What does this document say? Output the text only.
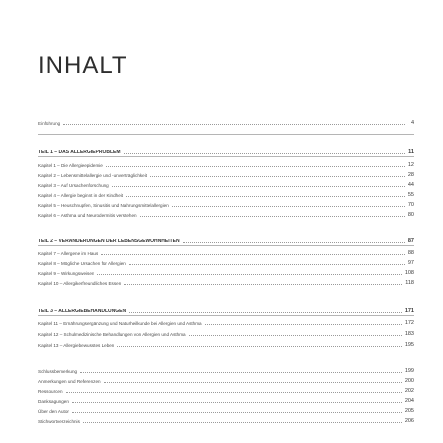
INHALT
Einführung	4
TEIL 1 – DAS ALLERGIEPROBLEM	11
Kapitel 1 – Die Allergieepidemie	12
Kapitel 2 – Lebensmittelallergie und -unverträglichkeit	28
Kapitel 3 – Auf Ursachenforschung	44
Kapitel 4 – Allergie beginnt in der Kindheit	55
Kapitel 5 – Heuschnupfen, Sinusitis und Nahrungsmittelallergien	70
Kapitel 6 – Asthma und Neurodermitis verstehen	80
TEIL 2 – VERÄNDERUNGEN DER LEBENSGEWOHNHEITEN	87
Kapitel 7 – Allergene im Haus	88
Kapitel 8 – Mögliche Ursachen für Allergien	97
Kapitel 9 – Wirkungsweisen	108
Kapitel 10 – Allergikerfreundliches Essen	118
TEIL 3 – ALLERGIEBEHANDLUNGEN	171
Kapitel 11 – Ernährungsergänzung und Naturheilkunde bei Allergien und Asthma	172
Kapitel 12 – Schulmedizinische Behandlungen von Allergien und Asthma	183
Kapitel 13 – Allergiebewusstes Leben	195
Schlussbemerkung	199
Anmerkungen und Referenzen	200
Ressourcen	202
Danksagungen	204
Über den Autor	205
Stichwortverzeichnis	206
